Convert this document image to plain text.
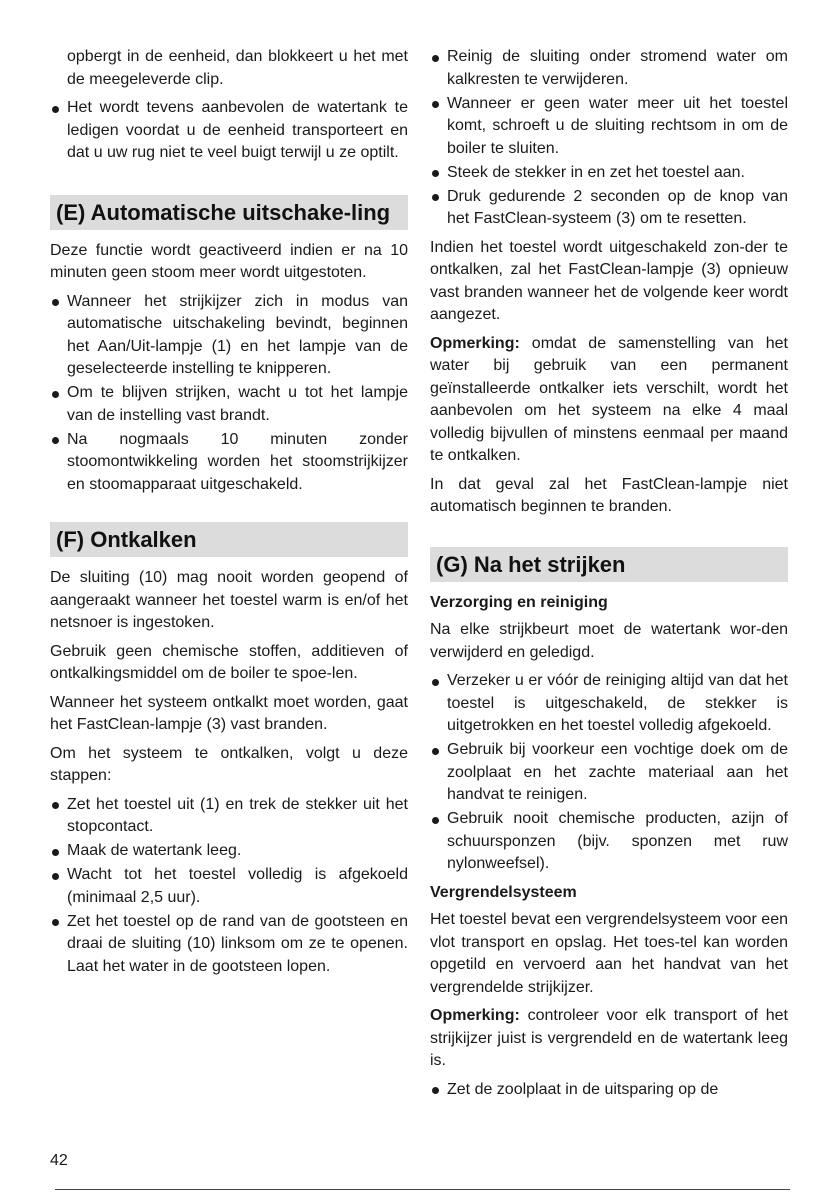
opbergt in de eenheid, dan blokkeert u het met de meegeleverde clip.

Het wordt tevens aanbevolen de watertank te ledigen voordat u de eenheid transporteert en dat u uw rug niet te veel buigt terwijl u ze optilt.
(E) Automatische uitschake-ling

Deze functie wordt geactiveerd indien er na 10 minuten geen stoom meer wordt uitgestoten.

Wanneer het strijkijzer zich in modus van automatische uitschakeling bevindt, beginnen het Aan/Uit-lampje (1) en het lampje van de geselecteerde instelling te knipperen.
Om te blijven strijken, wacht u tot het lampje van de instelling vast brandt.
Na nogmaals 10 minuten zonder stoomontwikkeling worden het stoomstrijkijzer en stoomapparaat uitgeschakeld.
(F) Ontkalken

De sluiting (10) mag nooit worden geopend of aangeraakt wanneer het toestel warm is en/of het netsnoer is ingestoken.

Gebruik geen chemische stoffen, additieven of ontkalkingsmiddel om de boiler te spoe-len.

Wanneer het systeem ontkalkt moet worden, gaat het FastClean-lampje (3) vast branden.

Om het systeem te ontkalken, volgt u deze stappen:

Zet het toestel uit (1) en trek de stekker uit het stopcontact.
Maak de watertank leeg.
Wacht tot het toestel volledig is afgekoeld (minimaal 2,5 uur).
Zet het toestel op de rand van de gootsteen en draai de sluiting (10) linksom om ze te openen. Laat het water in de gootsteen lopen.
Reinig de sluiting onder stromend water om kalkresten te verwijderen.
Wanneer er geen water meer uit het toestel komt, schroeft u de sluiting rechtsom in om de boiler te sluiten.
Steek de stekker in en zet het toestel aan.
Druk gedurende 2 seconden op de knop van het FastClean-systeem (3) om te resetten.

Indien het toestel wordt uitgeschakeld zon-der te ontkalken, zal het FastClean-lampje (3) opnieuw vast branden wanneer het de volgende keer wordt aangezet.

Opmerking: omdat de samenstelling van het water bij gebruik van een permanent geïnstalleerde ontkalker iets verschilt, wordt het aanbevolen om het systeem na elke 4 maal volledig bijvullen of minstens eenmaal per maand te ontkalken.

In dat geval zal het FastClean-lampje niet automatisch beginnen te branden.

(G) Na het strijken
Verzorging en reiniging

Na elke strijkbeurt moet de watertank wor-den verwijderd en geledigd.

Verzeker u er vóór de reiniging altijd van dat het toestel is uitgeschakeld, de stekker is uitgetrokken en het toestel volledig afgekoeld.
Gebruik bij voorkeur een vochtige doek om de zoolplaat en het zachte materiaal aan het handvat te reinigen.
Gebruik nooit chemische producten, azijn of schuursponzen (bijv. sponzen met ruw nylonweefsel).
Vergrendelsysteem

Het toestel bevat een vergrendelsysteem voor een vlot transport en opslag. Het toes-tel kan worden opgetild en vervoerd aan het handvat van het vergrendelde strijkijzer.

Opmerking: controleer voor elk transport of het strijkijzer juist is vergrendeld en de watertank leeg is.

Zet de zoolplaat in de uitsparing op de
42
